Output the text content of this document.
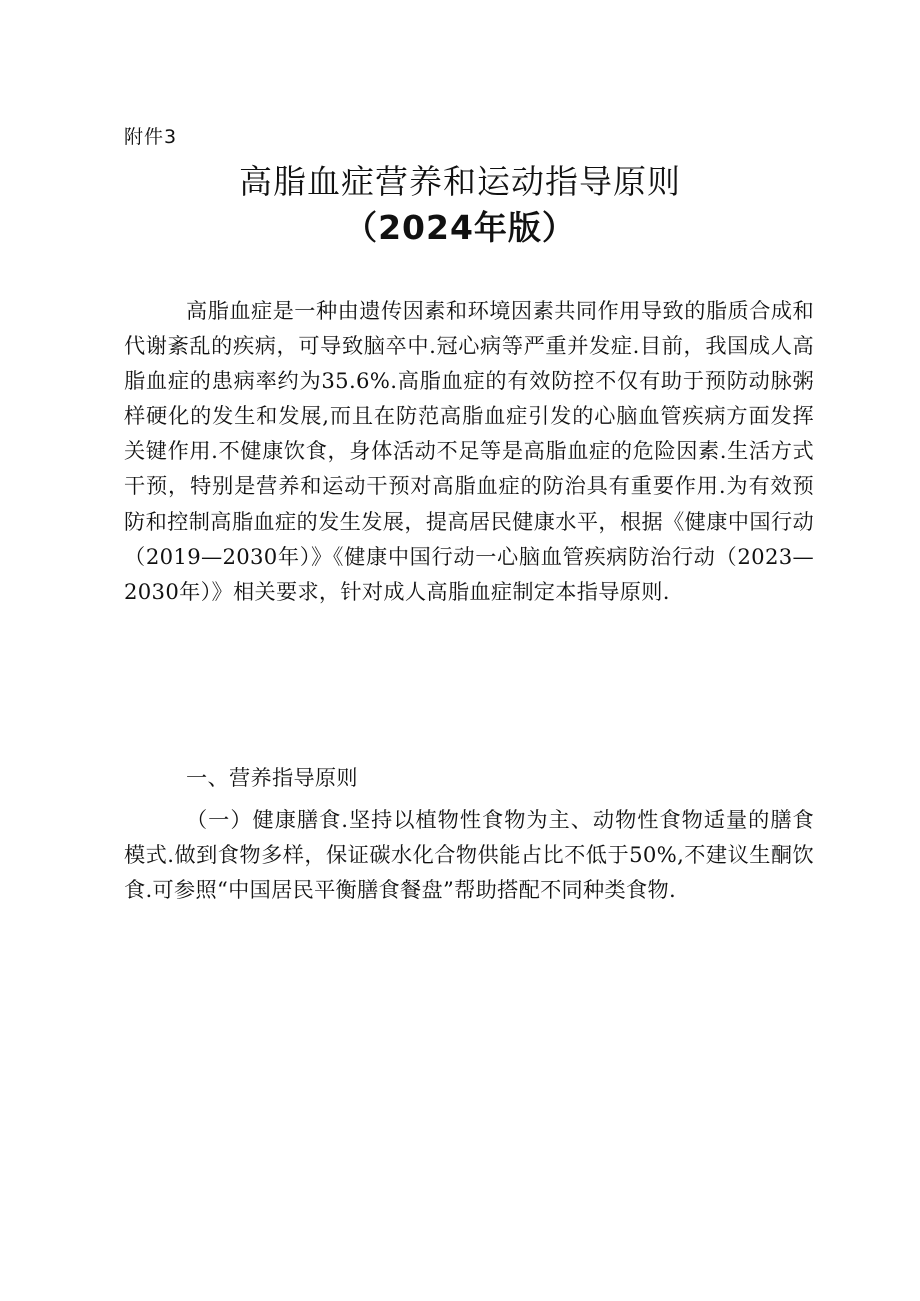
附件3
高脂血症营养和运动指导原则
（2024年版）

高脂血症是一种由遗传因素和环境因素共同作用导致的脂质合成和代谢紊乱的疾病，可导致脑卒中.冠心病等严重并发症.目前，我国成人高脂血症的患病率约为35.6%.高脂血症的有效防控不仅有助于预防动脉粥样硬化的发生和发展,而且在防范高脂血症引发的心脑血管疾病方面发挥关键作用.不健康饮食，身体活动不足等是高脂血症的危险因素.生活方式干预，特别是营养和运动干预对高脂血症的防治具有重要作用.为有效预防和控制高脂血症的发生发展，提高居民健康水平，根据《健康中国行动（2019—2030年）》《健康中国行动一心脑血管疾病防治行动（2023—2030年）》相关要求，针对成人高脂血症制定本指导原则.

一、营养指导原则

（一）健康膳食.坚持以植物性食物为主、动物性食物适量的膳食模式.做到食物多样，保证碳水化合物供能占比不低于50%,不建议生酮饮食.可参照“中国居民平衡膳食餐盘”帮助搭配不同种类食物.
